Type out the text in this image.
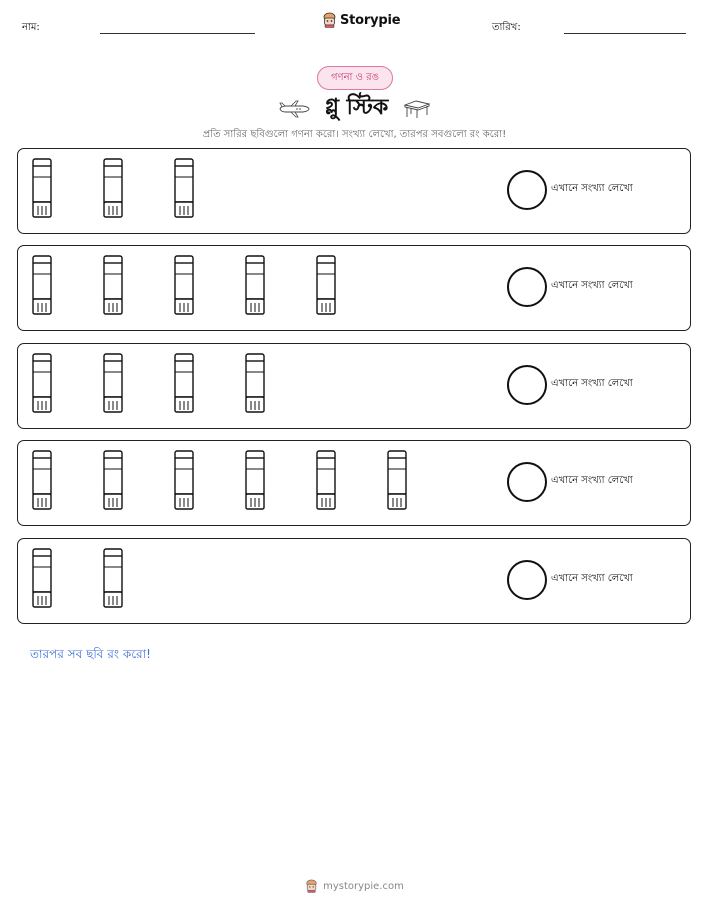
নাম:	Storypie	তারিখ:
গণনা ও রঙ
গ্লু স্টিক
প্রতি সারির ছবিগুলো গণনা করো। সংখ্যা লেখো, তারপর সবগুলো রং করো!
এখানে সংখ্যা লেখো
এখানে সংখ্যা লেখো
এখানে সংখ্যা লেখো
এখানে সংখ্যা লেখো
এখানে সংখ্যা লেখো
তারপর সব ছবি রং করো!
mystorypie.com
